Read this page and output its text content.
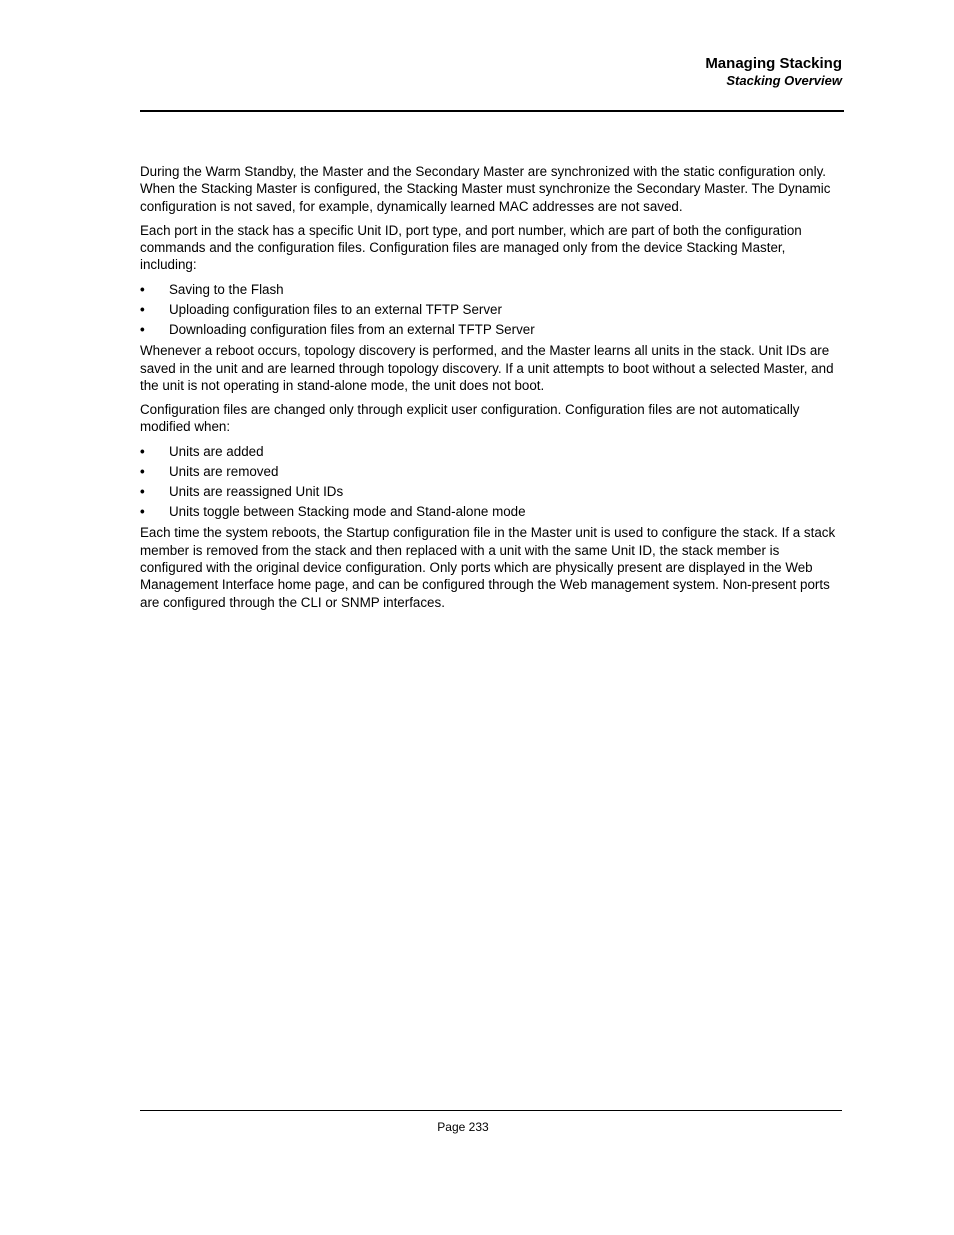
Managing Stacking
Stacking Overview

During the Warm Standby, the Master and the Secondary Master are synchronized with the static configuration only. When the Stacking Master is configured, the Stacking Master must synchronize the Secondary Master. The Dynamic configuration is not saved, for example, dynamically learned MAC addresses are not saved.

Each port in the stack has a specific Unit ID, port type, and port number, which are part of both the configuration commands and the configuration files. Configuration files are managed only from the device Stacking Master, including:

• Saving to the Flash
• Uploading configuration files to an external TFTP Server
• Downloading configuration files from an external TFTP Server

Whenever a reboot occurs, topology discovery is performed, and the Master learns all units in the stack. Unit IDs are saved in the unit and are learned through topology discovery. If a unit attempts to boot without a selected Master, and the unit is not operating in stand-alone mode, the unit does not boot.

Configuration files are changed only through explicit user configuration. Configuration files are not automatically modified when:

• Units are added
• Units are removed
• Units are reassigned Unit IDs
• Units toggle between Stacking mode and Stand-alone mode

Each time the system reboots, the Startup configuration file in the Master unit is used to configure the stack. If a stack member is removed from the stack and then replaced with a unit with the same Unit ID, the stack member is configured with the original device configuration. Only ports which are physically present are displayed in the Web Management Interface home page, and can be configured through the Web management system. Non-present ports are configured through the CLI or SNMP interfaces.

Page 233
